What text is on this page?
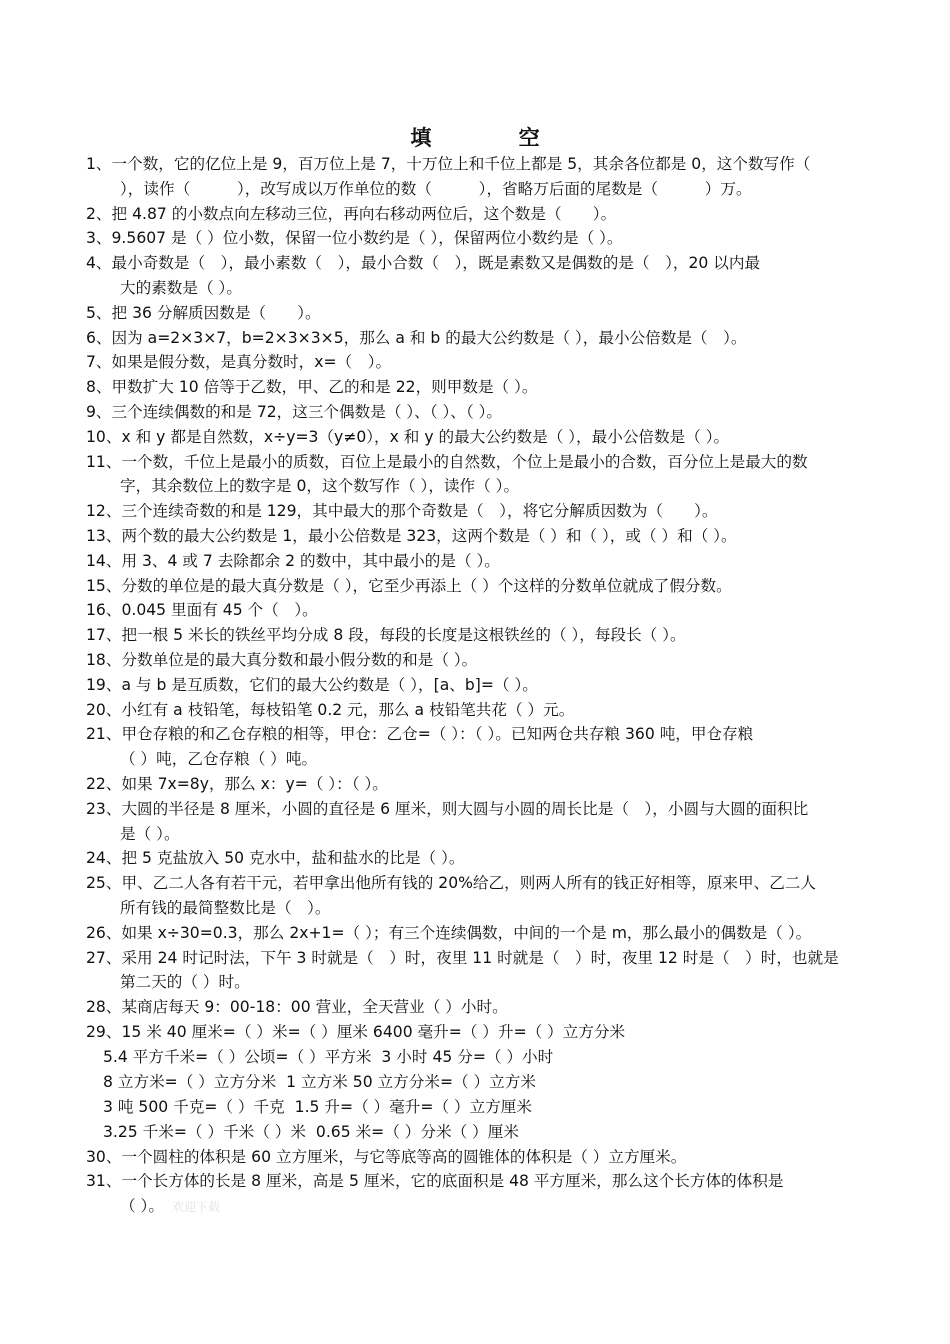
填 空
1、一个数，它的亿位上是 9，百万位上是 7，十万位上和千位上都是 5，其余各位都是 0，这个数写作（
），读作（　　　），改写成以万作单位的数（　　　），省略万后面的尾数是（　　　）万。
2、把 4.87 的小数点向左移动三位，再向右移动两位后，这个数是（　　）。
3、9.5607 是（ ）位小数，保留一位小数约是（ ），保留两位小数约是（ ）。
4、最小奇数是（　），最小素数（　），最小合数（　），既是素数又是偶数的是（　），20 以内最
大的素数是（ ）。
5、把 36 分解质因数是（　　）。
6、因为 a=2×3×7，b=2×3×3×5，那么 a 和 b 的最大公约数是（ ），最小公倍数是（　）。
7、如果是假分数，是真分数时，x=（　）。
8、甲数扩大 10 倍等于乙数，甲、乙的和是 22，则甲数是（ ）。
9、三个连续偶数的和是 72，这三个偶数是（ ）、（ ）、（ ）。
10、x 和 y 都是自然数，x÷y=3（y≠0），x 和 y 的最大公约数是（ ），最小公倍数是（ ）。
11、一个数，千位上是最小的质数，百位上是最小的自然数，个位上是最小的合数，百分位上是最大的数
字，其余数位上的数字是 0，这个数写作（ ），读作（ ）。
12、三个连续奇数的和是 129，其中最大的那个奇数是（　），将它分解质因数为（　　）。
13、两个数的最大公约数是 1，最小公倍数是 323，这两个数是（ ）和（ ），或（ ）和（ ）。
14、用 3、4 或 7 去除都余 2 的数中，其中最小的是（ ）。
15、分数的单位是的最大真分数是（ ），它至少再添上（ ）个这样的分数单位就成了假分数。
16、0.045 里面有 45 个（　）。
17、把一根 5 米长的铁丝平均分成 8 段，每段的长度是这根铁丝的（ ），每段长（ ）。
18、分数单位是的最大真分数和最小假分数的和是（ ）。
19、a 与 b 是互质数，它们的最大公约数是（ ），[a、b]=（ ）。
20、小红有 a 枝铅笔，每枝铅笔 0.2 元，那么 a 枝铅笔共花（ ）元。
21、甲仓存粮的和乙仓存粮的相等，甲仓：乙仓=（ ）：（ ）。已知两仓共存粮 360 吨，甲仓存粮
（ ）吨，乙仓存粮（ ）吨。
22、如果 7x=8y，那么 x：y=（ ）：（ ）。
23、大圆的半径是 8 厘米，小圆的直径是 6 厘米，则大圆与小圆的周长比是（　），小圆与大圆的面积比
是（ ）。
24、把 5 克盐放入 50 克水中，盐和盐水的比是（ ）。
25、甲、乙二人各有若干元，若甲拿出他所有钱的 20%给乙，则两人所有的钱正好相等，原来甲、乙二人
所有钱的最简整数比是（　）。
26、如果 x÷30=0.3，那么 2x+1=（ ）；有三个连续偶数，中间的一个是 m，那么最小的偶数是（ ）。
27、采用 24 时记时法，下午 3 时就是（　）时，夜里 11 时就是（　）时，夜里 12 时是（　）时，也就是
第二天的（ ）时。
28、某商店每天 9：00-18：00 营业，全天营业（ ）小时。
29、15 米 40 厘米=（ ）米=（ ）厘米 6400 毫升=（ ）升=（ ）立方分米
5.4 平方千米=（ ）公顷=（ ）平方米  3 小时 45 分=（ ）小时
8 立方米=（ ）立方分米  1 立方米 50 立方分米=（ ）立方米
3 吨 500 千克=（ ）千克  1.5 升=（ ）毫升=（ ）立方厘米
3.25 千米=（ ）千米（ ）米  0.65 米=（ ）分米（ ）厘米
30、一个圆柱的体积是 60 立方厘米，与它等底等高的圆锥体的体积是（ ）立方厘米。
31、一个长方体的长是 8 厘米，高是 5 厘米，它的底面积是 48 平方厘米，那么这个长方体的体积是
（ ）。 欢迎下载
